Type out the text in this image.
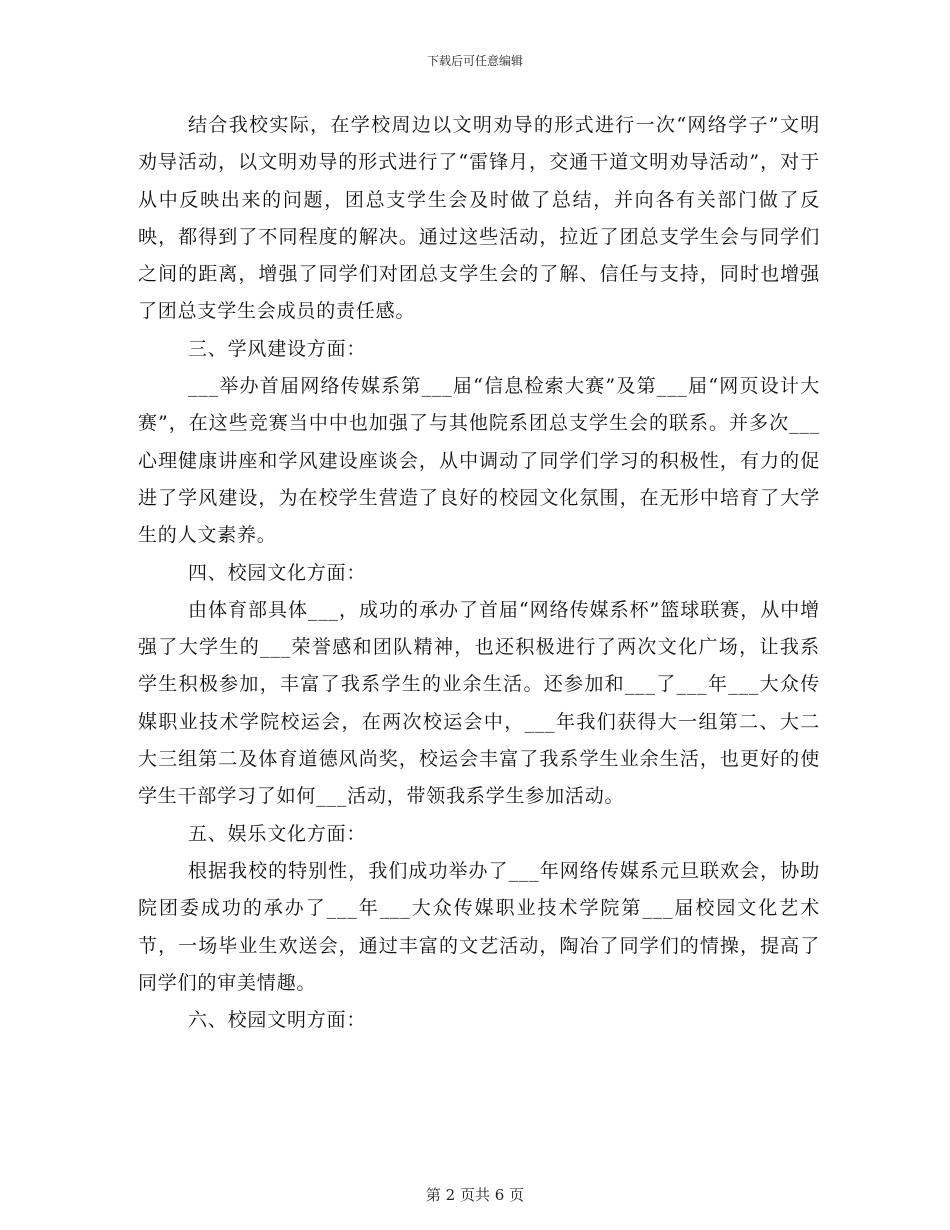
下载后可任意编辑

结合我校实际，在学校周边以文明劝导的形式进行一次“网络学子”文明劝导活动，以文明劝导的形式进行了“雷锋月，交通干道文明劝导活动”，对于从中反映出来的问题，团总支学生会及时做了总结，并向各有关部门做了反映，都得到了不同程度的解决。通过这些活动，拉近了团总支学生会与同学们之间的距离，增强了同学们对团总支学生会的了解、信任与支持，同时也增强了团总支学生会成员的责任感。

三、学风建设方面：

___举办首届网络传媒系第___届“信息检索大赛”及第___届“网页设计大赛”，在这些竞赛当中中也加强了与其他院系团总支学生会的联系。并多次___心理健康讲座和学风建设座谈会，从中调动了同学们学习的积极性，有力的促进了学风建设，为在校学生营造了良好的校园文化氛围，在无形中培育了大学生的人文素养。

四、校园文化方面：

由体育部具体___，成功的承办了首届“网络传媒系杯”篮球联赛，从中增强了大学生的___荣誉感和团队精神，也还积极进行了两次文化广场，让我系学生积极参加，丰富了我系学生的业余生活。还参加和___了___年___大众传媒职业技术学院校运会，在两次校运会中，___年我们获得大一组第二、大二大三组第二及体育道德风尚奖，校运会丰富了我系学生业余生活，也更好的使学生干部学习了如何___活动，带领我系学生参加活动。

五、娱乐文化方面：

根据我校的特别性，我们成功举办了___年网络传媒系元旦联欢会，协助院团委成功的承办了___年___大众传媒职业技术学院第___届校园文化艺术节，一场毕业生欢送会，通过丰富的文艺活动，陶冶了同学们的情操，提高了同学们的审美情趣。

六、校园文明方面：

第 2 页共 6 页
